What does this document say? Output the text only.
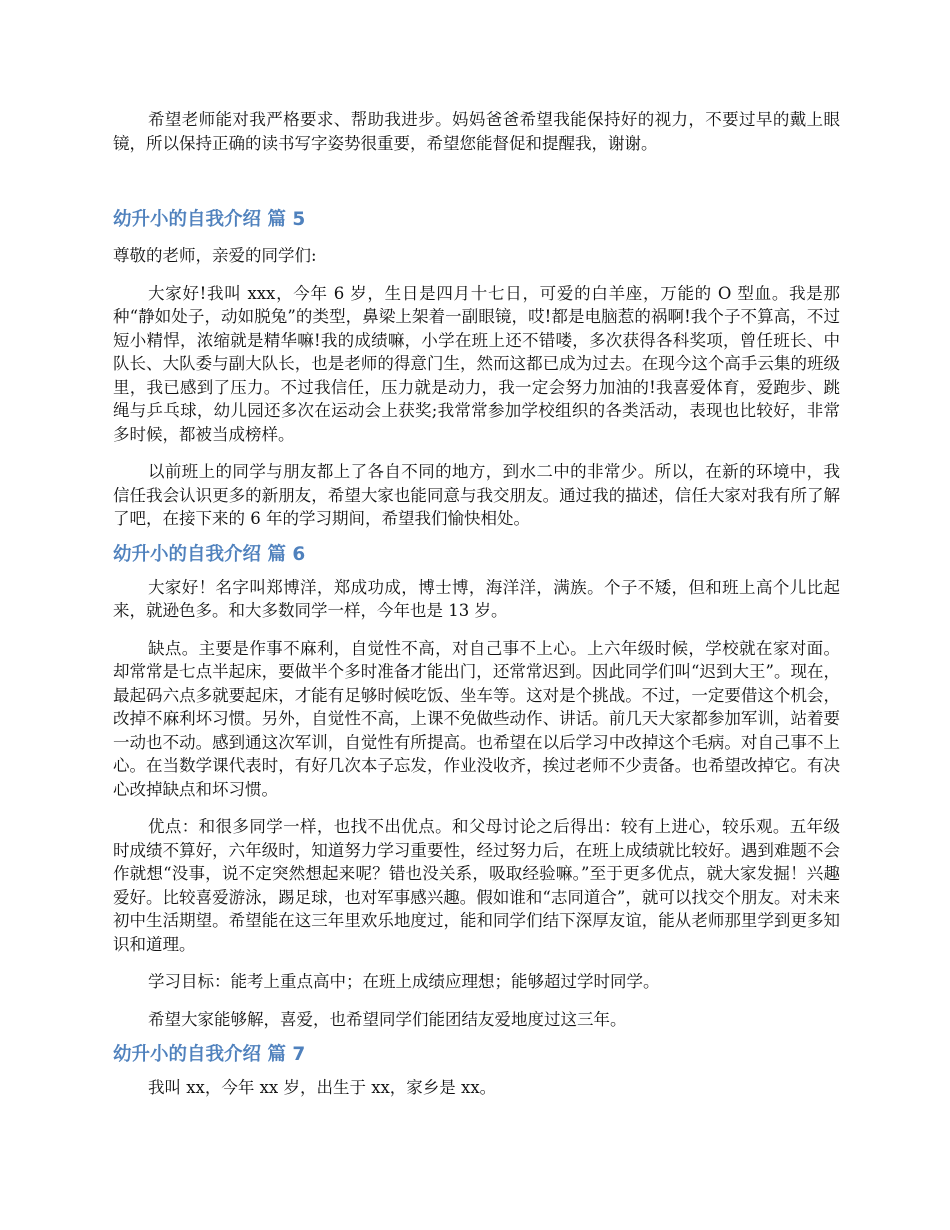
希望老师能对我严格要求、帮助我进步。妈妈爸爸希望我能保持好的视力，不要过早的戴上眼镜，所以保持正确的读书写字姿势很重要，希望您能督促和提醒我，谢谢。

幼升小的自我介绍 篇 5

尊敬的老师，亲爱的同学们:

大家好!我叫 xxx，今年 6 岁，生日是四月十七日，可爱的白羊座，万能的 O 型血。我是那种“静如处子，动如脱兔”的类型，鼻梁上架着一副眼镜，哎!都是电脑惹的祸啊!我个子不算高，不过短小精悍，浓缩就是精华嘛!我的成绩嘛，小学在班上还不错喽，多次获得各科奖项，曾任班长、中队长、大队委与副大队长，也是老师的得意门生，然而这都已成为过去。在现今这个高手云集的班级里，我已感到了压力。不过我信任，压力就是动力，我一定会努力加油的!我喜爱体育，爱跑步、跳绳与乒乓球，幼儿园还多次在运动会上获奖;我常常参加学校组织的各类活动，表现也比较好，非常多时候，都被当成榜样。

以前班上的同学与朋友都上了各自不同的地方，到水二中的非常少。所以，在新的环境中，我信任我会认识更多的新朋友，希望大家也能同意与我交朋友。通过我的描述，信任大家对我有所了解了吧，在接下来的 6 年的学习期间，希望我们愉快相处。

幼升小的自我介绍 篇 6

大家好！名字叫郑博洋，郑成功成，博士博，海洋洋，满族。个子不矮，但和班上高个儿比起来，就逊色多。和大多数同学一样，今年也是 13 岁。

缺点。主要是作事不麻利，自觉性不高，对自己事不上心。上六年级时候，学校就在家对面。却常常是七点半起床，要做半个多时准备才能出门，还常常迟到。因此同学们叫“迟到大王”。现在，最起码六点多就要起床，才能有足够时候吃饭、坐车等。这对是个挑战。不过，一定要借这个机会，改掉不麻利坏习惯。另外，自觉性不高，上课不免做些动作、讲话。前几天大家都参加军训，站着要一动也不动。感到通这次军训，自觉性有所提高。也希望在以后学习中改掉这个毛病。对自己事不上心。在当数学课代表时，有好几次本子忘发，作业没收齐，挨过老师不少责备。也希望改掉它。有决心改掉缺点和坏习惯。

优点：和很多同学一样，也找不出优点。和父母讨论之后得出：较有上进心，较乐观。五年级时成绩不算好，六年级时，知道努力学习重要性，经过努力后，在班上成绩就比较好。遇到难题不会作就想“没事，说不定突然想起来呢？错也没关系，吸取经验嘛。”至于更多优点，就大家发掘！兴趣爱好。比较喜爱游泳，踢足球，也对军事感兴趣。假如谁和“志同道合”，就可以找交个朋友。对未来初中生活期望。希望能在这三年里欢乐地度过，能和同学们结下深厚友谊，能从老师那里学到更多知识和道理。

学习目标：能考上重点高中；在班上成绩应理想；能够超过学时同学。

希望大家能够解，喜爱，也希望同学们能团结友爱地度过这三年。

幼升小的自我介绍 篇 7

我叫 xx，今年 xx 岁，出生于 xx，家乡是 xx。
